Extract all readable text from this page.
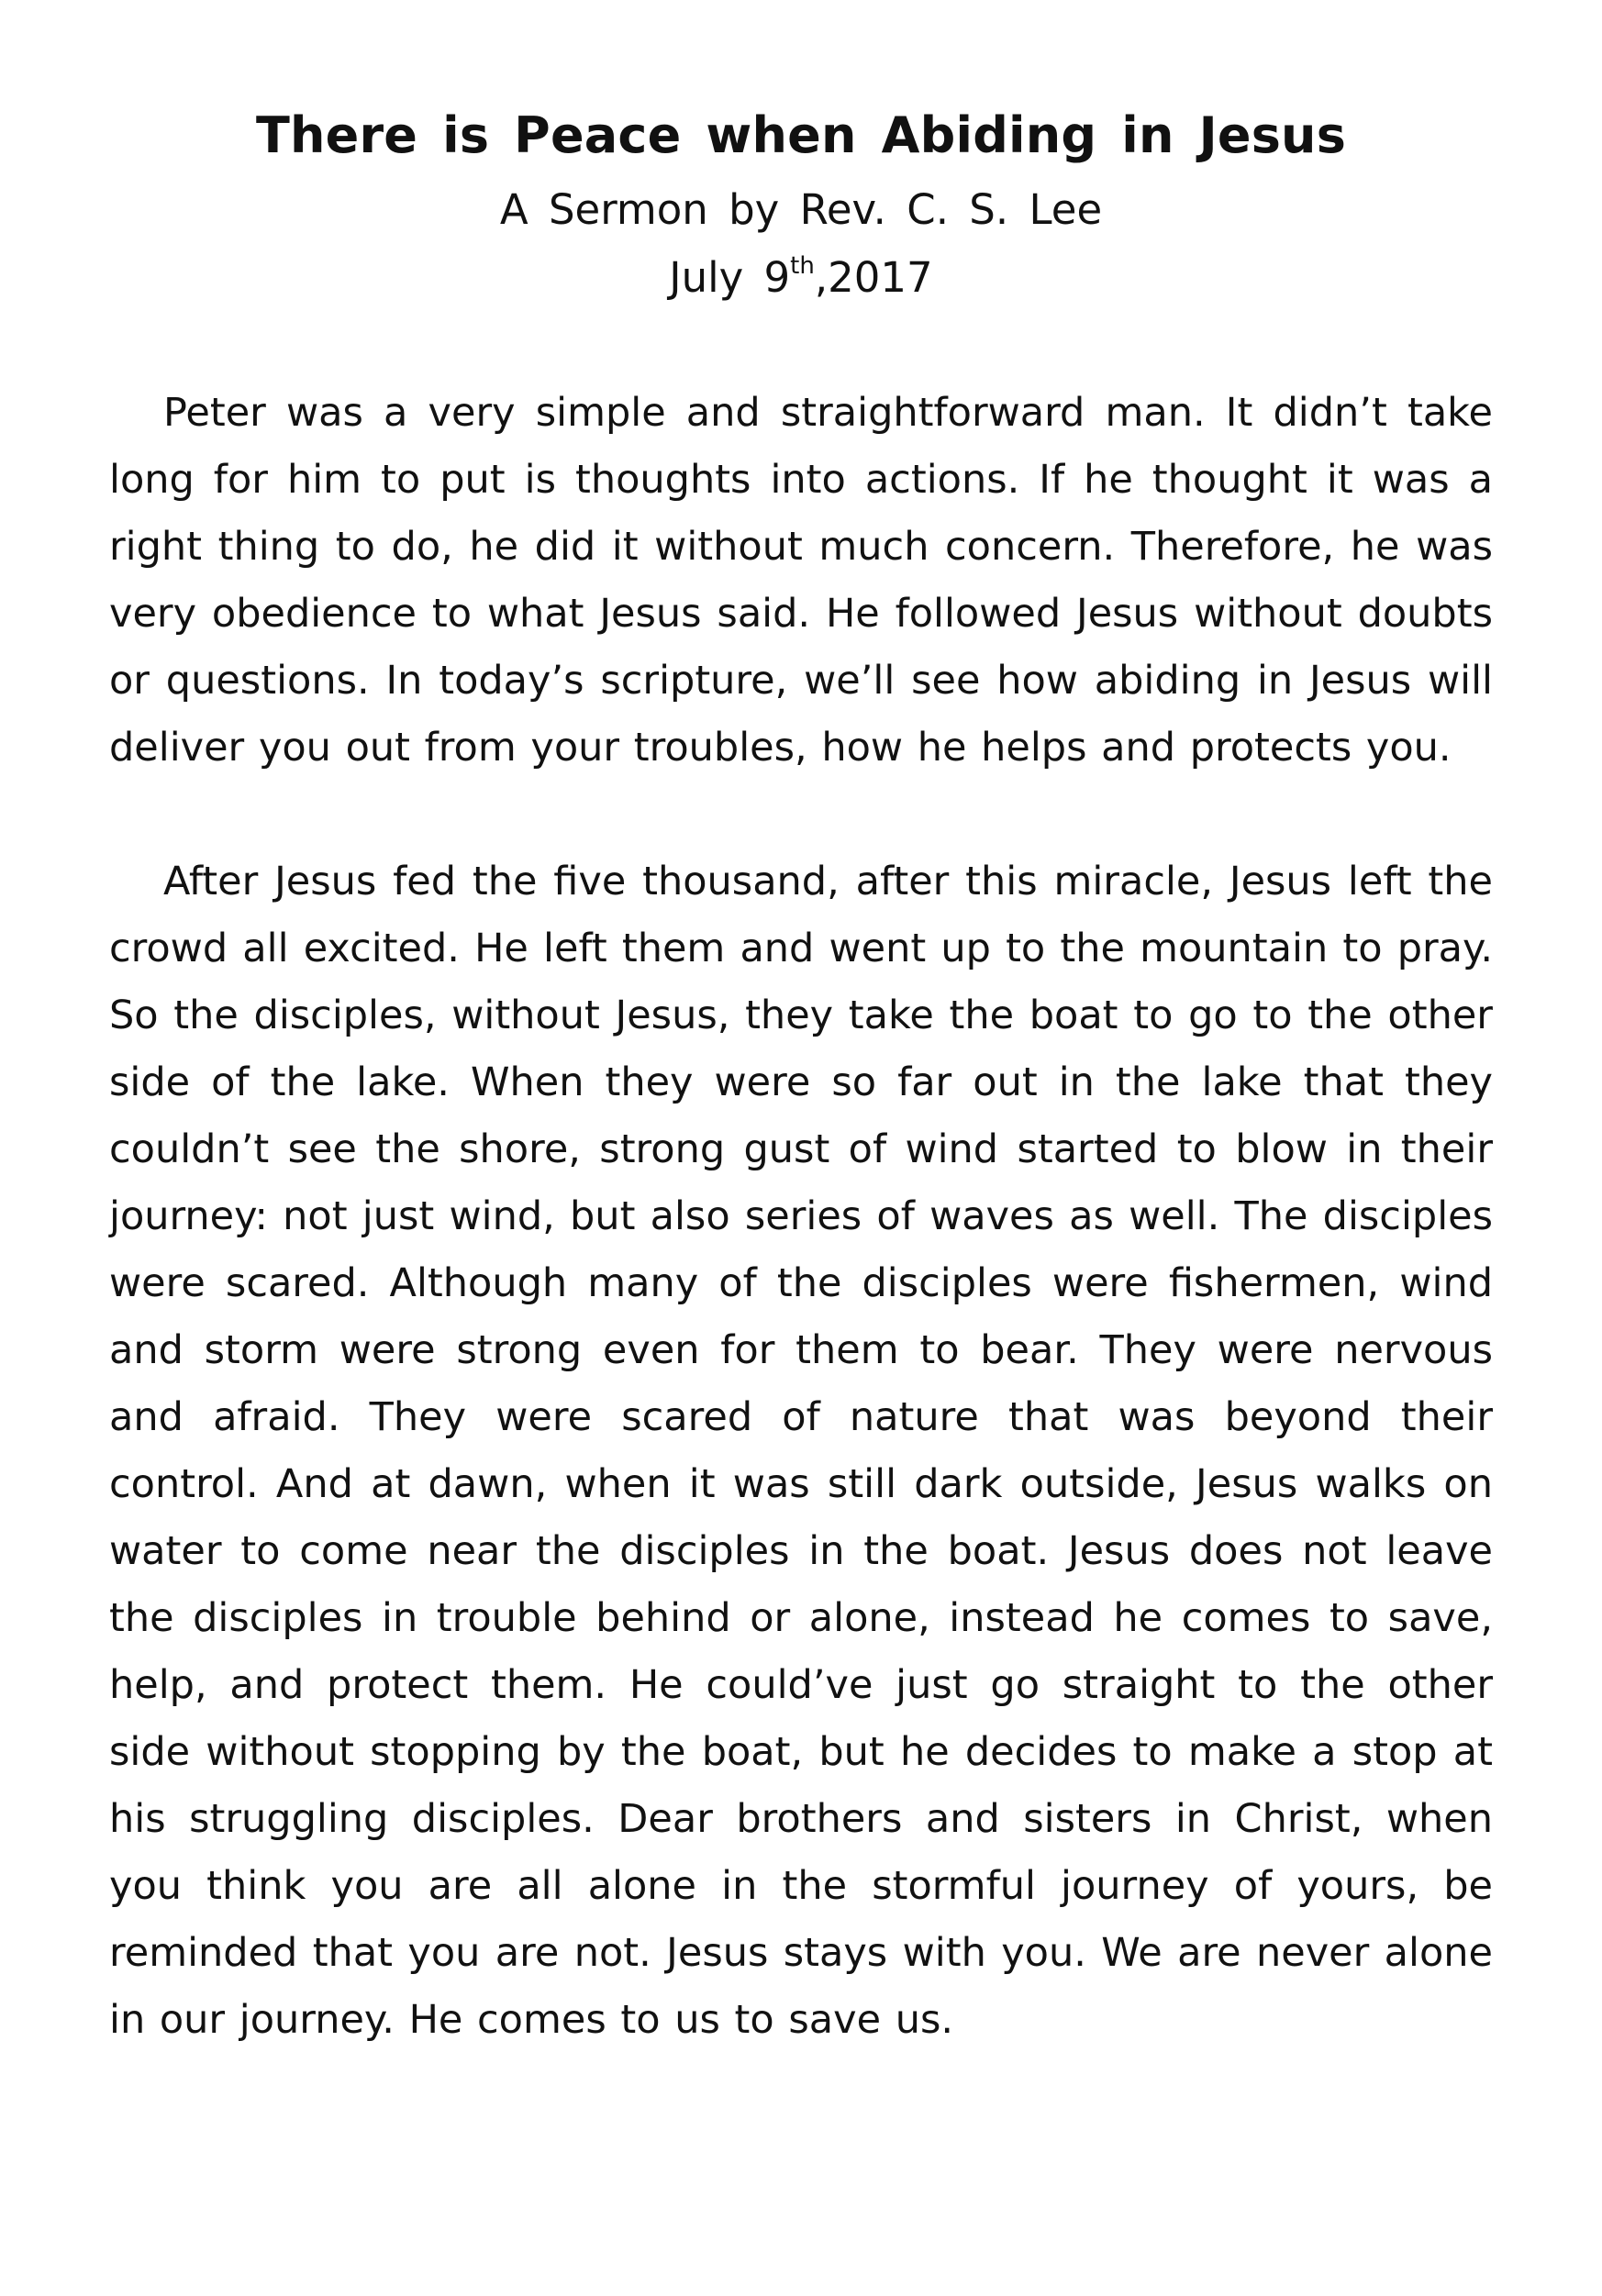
There is Peace when Abiding in Jesus

A Sermon by Rev. C. S. Lee

July 9th,2017

Peter was a very simple and straightforward man. It didn’t take long for him to put is thoughts into actions. If he thought it was a right thing to do, he did it without much concern. Therefore, he was very obedience to what Jesus said. He followed Jesus without doubts or questions. In today’s scripture, we’ll see how abiding in Jesus will deliver you out from your troubles, how he helps and protects you.

After Jesus fed the five thousand, after this miracle, Jesus left the crowd all excited. He left them and went up to the mountain to pray. So the disciples, without Jesus, they take the boat to go to the other side of the lake. When they were so far out in the lake that they couldn’t see the shore, strong gust of wind started to blow in their journey: not just wind, but also series of waves as well. The disciples were scared. Although many of the disciples were fishermen, wind and storm were strong even for them to bear. They were nervous and afraid. They were scared of nature that was beyond their control. And at dawn, when it was still dark outside, Jesus walks on water to come near the disciples in the boat. Jesus does not leave the disciples in trouble behind or alone, instead he comes to save, help, and protect them. He could’ve just go straight to the other side without stopping by the boat, but he decides to make a stop at his struggling disciples. Dear brothers and sisters in Christ, when you think you are all alone in the stormful journey of yours, be reminded that you are not. Jesus stays with you. We are never alone in our journey. He comes to us to save us.
